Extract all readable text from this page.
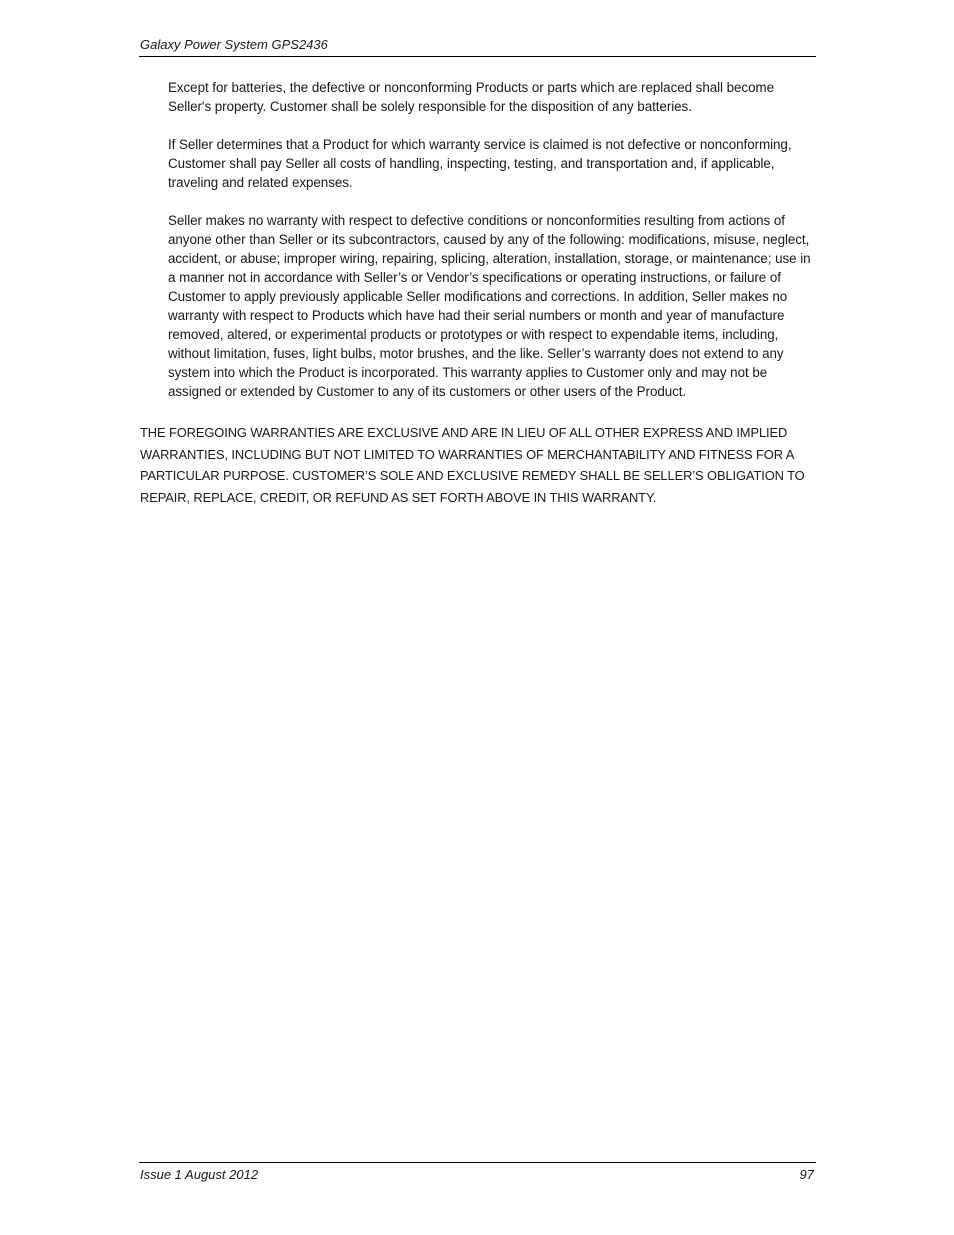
Galaxy Power System GPS2436

Except for batteries, the defective or nonconforming Products or parts which are replaced shall become Seller's property. Customer shall be solely responsible for the disposition of any batteries.

If Seller determines that a Product for which warranty service is claimed is not defective or nonconforming, Customer shall pay Seller all costs of handling, inspecting, testing, and transportation and, if applicable, traveling and related expenses.

Seller makes no warranty with respect to defective conditions or nonconformities resulting from actions of anyone other than Seller or its subcontractors, caused by any of the following: modifications, misuse, neglect, accident, or abuse; improper wiring, repairing, splicing, alteration, installation, storage, or maintenance; use in a manner not in accordance with Seller’s or Vendor’s specifications or operating instructions, or failure of Customer to apply previously applicable Seller modifications and corrections. In addition, Seller makes no warranty with respect to Products which have had their serial numbers or month and year of manufacture removed, altered, or experimental products or prototypes or with respect to expendable items, including, without limitation, fuses, light bulbs, motor brushes, and the like. Seller’s warranty does not extend to any system into which the Product is incorporated. This warranty applies to Customer only and may not be assigned or extended by Customer to any of its customers or other users of the Product.

THE FOREGOING WARRANTIES ARE EXCLUSIVE AND ARE IN LIEU OF ALL OTHER EXPRESS AND IMPLIED WARRANTIES, INCLUDING BUT NOT LIMITED TO WARRANTIES OF MERCHANTABILITY AND FITNESS FOR A PARTICULAR PURPOSE. CUSTOMER’S SOLE AND EXCLUSIVE REMEDY SHALL BE SELLER’S OBLIGATION TO REPAIR, REPLACE, CREDIT, OR REFUND AS SET FORTH ABOVE IN THIS WARRANTY.

Issue 1 August 2012	97
